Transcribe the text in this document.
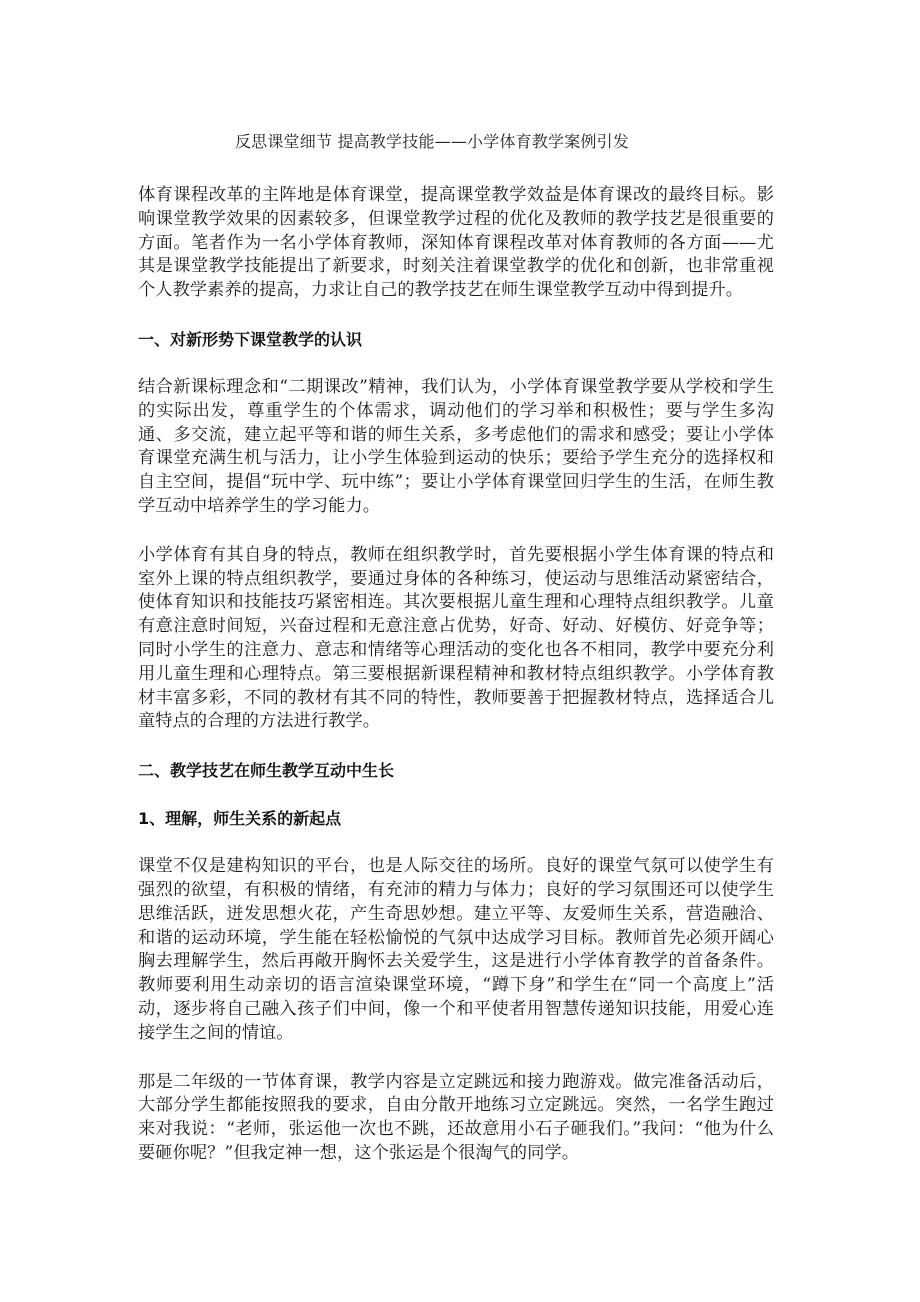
反思课堂细节 提高教学技能——小学体育教学案例引发

体育课程改革的主阵地是体育课堂，提高课堂教学效益是体育课改的最终目标。影响课堂教学效果的因素较多，但课堂教学过程的优化及教师的教学技艺是很重要的方面。笔者作为一名小学体育教师，深知体育课程改革对体育教师的各方面——尤其是课堂教学技能提出了新要求，时刻关注着课堂教学的优化和创新，也非常重视个人教学素养的提高，力求让自己的教学技艺在师生课堂教学互动中得到提升。

一、对新形势下课堂教学的认识

结合新课标理念和“二期课改”精神，我们认为，小学体育课堂教学要从学校和学生的实际出发，尊重学生的个体需求，调动他们的学习举和积极性；要与学生多沟通、多交流，建立起平等和谐的师生关系，多考虑他们的需求和感受；要让小学体育课堂充满生机与活力，让小学生体验到运动的快乐；要给予学生充分的选择权和自主空间，提倡“玩中学、玩中练”；要让小学体育课堂回归学生的生活，在师生教学互动中培养学生的学习能力。

小学体育有其自身的特点，教师在组织教学时，首先要根据小学生体育课的特点和室外上课的特点组织教学，要通过身体的各种练习，使运动与思维活动紧密结合，使体育知识和技能技巧紧密相连。其次要根据儿童生理和心理特点组织教学。儿童有意注意时间短，兴奋过程和无意注意占优势，好奇、好动、好模仿、好竞争等；同时小学生的注意力、意志和情绪等心理活动的变化也各不相同，教学中要充分利用儿童生理和心理特点。第三要根据新课程精神和教材特点组织教学。小学体育教材丰富多彩，不同的教材有其不同的特性，教师要善于把握教材特点，选择适合儿童特点的合理的方法进行教学。

二、教学技艺在师生教学互动中生长
1、理解，师生关系的新起点

课堂不仅是建构知识的平台，也是人际交往的场所。良好的课堂气氛可以使学生有强烈的欲望，有积极的情绪，有充沛的精力与体力；良好的学习氛围还可以使学生思维活跃，迸发思想火花，产生奇思妙想。建立平等、友爱师生关系，营造融洽、和谐的运动环境，学生能在轻松愉悦的气氛中达成学习目标。教师首先必须开阔心胸去理解学生，然后再敞开胸怀去关爱学生，这是进行小学体育教学的首备条件。教师要利用生动亲切的语言渲染课堂环境，“蹲下身”和学生在“同一个高度上”活动，逐步将自己融入孩子们中间，像一个和平使者用智慧传递知识技能，用爱心连接学生之间的情谊。

那是二年级的一节体育课，教学内容是立定跳远和接力跑游戏。做完准备活动后，大部分学生都能按照我的要求，自由分散开地练习立定跳远。突然，一名学生跑过来对我说：“老师，张运他一次也不跳，还故意用小石子砸我们。”我问：“他为什么要砸你呢？”但我定神一想，这个张运是个很淘气的同学。
